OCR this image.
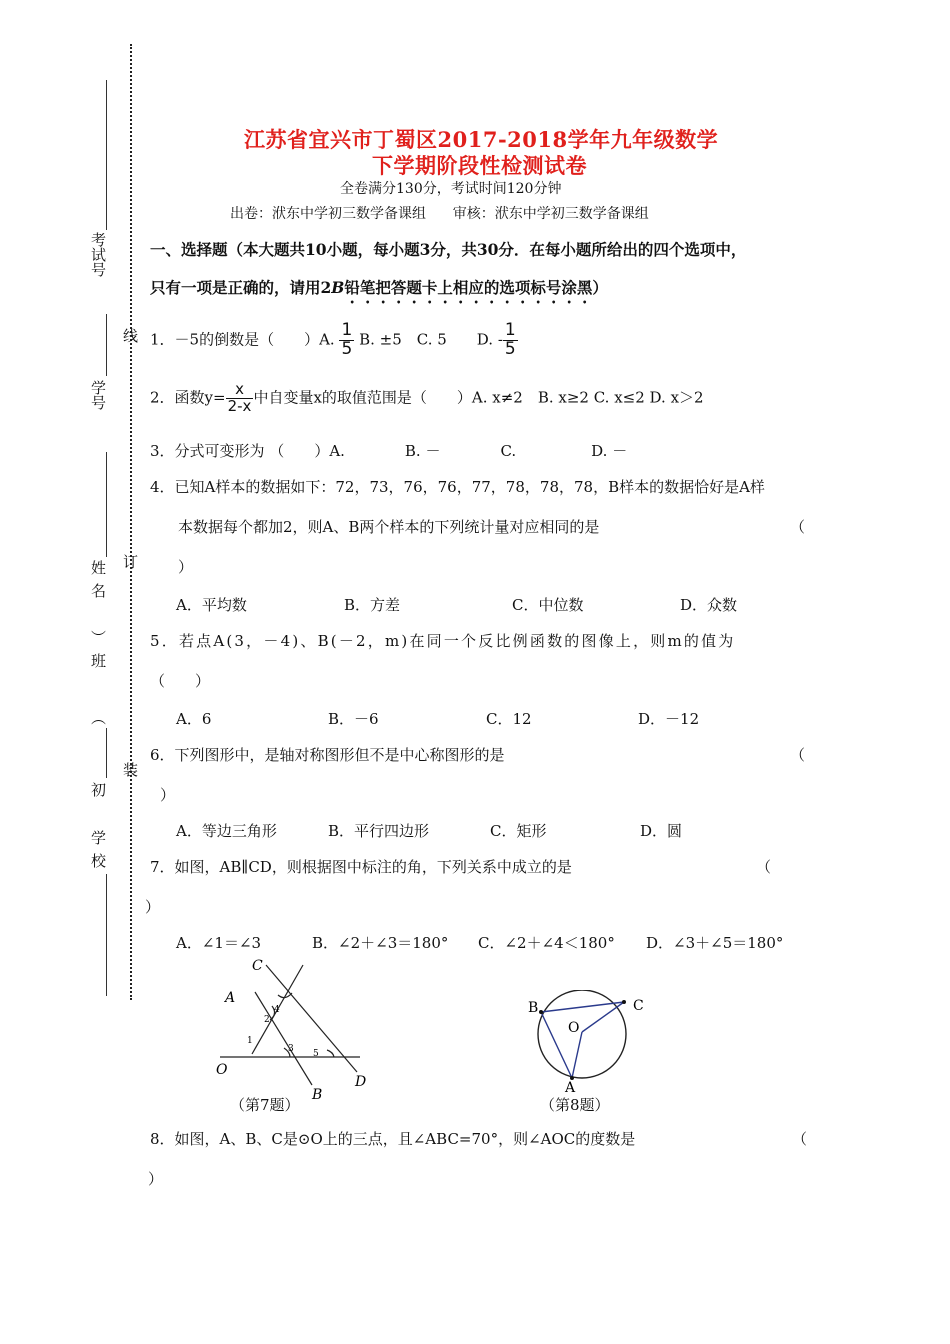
考试号
学号
姓名
）班
（
初
学校
线
订
装
江苏省宜兴市丁蜀区2017-2018学年九年级数学
下学期阶段性检测试卷
全卷满分130分，考试时间120分钟
出卷：洑东中学初三数学备课组      审核：洑东中学初三数学备课组
一、选择题（本大题共10小题，每小题3分，共30分．在每小题所给出的四个选项中，
只有一项是正确的，请用2B铅笔把答题卡上相应的选项标号涂黑）
1．－5的倒数是（　　）A. $\frac{1}{5} B$. ±5　C. 5　　D. - $\frac{1}{5}$
2．函数$y= \frac{x}{2-x}$ 中自变量x的取值范围是（　　）A. x≠2　B. x≥2 C. x≤2 D. x＞2
3．分式可变形为 （　　）A.　　　　B. －　　　　C.　　　　　D. －
4．已知A样本的数据如下：72，73，76，76，77，78，78，78，B样本的数据恰好是A样
本数据每个都加2，则A、B两个样本的下列统计量对应相同的是	（
）
A．平均数	B．方差	C．中位数	D．众数
5．若点A(3，－4)、B(－2，m)在同一个反比例函数的图像上，则m的值为
（　　）
A．6	B．－6	C．12	D．－12
6．下列图形中，是轴对称图形但不是中心称图形的是	（
）
A．等边三角形	B．平行四边形	C．矩形	D．圆
7．如图，AB∥CD，则根据图中标注的角，下列关系中成立的是	（
）
A．∠1＝∠3	B．∠2＋∠3＝180° C．∠2＋∠4＜180° D．∠3＋∠5＝180°
C
A
O
B
D
1
2
3
4
5
（第7题）
B	C
O
A
（第8题）
8．如图，A、B、C是⊙O上的三点，且∠ABC=70°，则∠AOC的度数是	（
）
